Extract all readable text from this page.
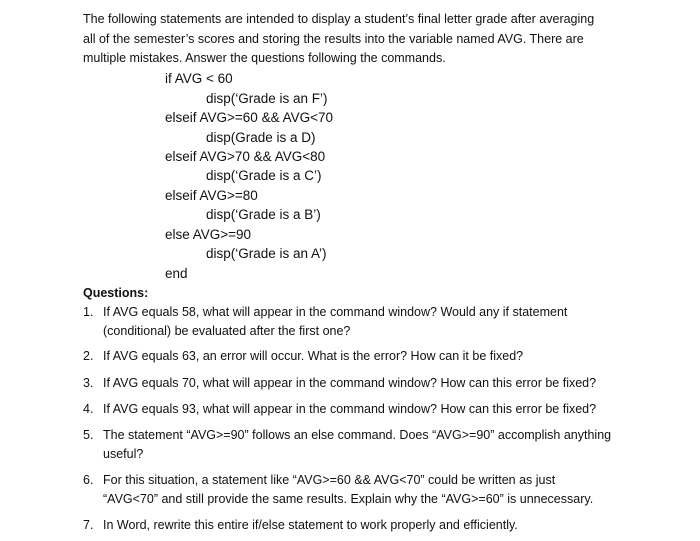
The following statements are intended to display a student’s final letter grade after averaging
all of the semester’s scores and storing the results into the variable named AVG. There are
multiple mistakes. Answer the questions following the commands.
if AVG < 60
disp(‘Grade is an F’)
elseif AVG>=60 && AVG<70
disp(Grade is a D)
elseif AVG>70 && AVG<80
disp(‘Grade is a C’)
elseif AVG>=80
disp(‘Grade is a B’)
else AVG>=90
disp(‘Grade is an A’)
end
Questions:
1. If AVG equals 58, what will appear in the command window? Would any if statement
(conditional) be evaluated after the first one?
2. If AVG equals 63, an error will occur. What is the error? How can it be fixed?
3. If AVG equals 70, what will appear in the command window? How can this error be fixed?
4. If AVG equals 93, what will appear in the command window? How can this error be fixed?
5. The statement “AVG>=90” follows an else command. Does “AVG>=90” accomplish anything
useful?
6. For this situation, a statement like “AVG>=60 && AVG<70” could be written as just
“AVG<70” and still provide the same results. Explain why the “AVG>=60” is unnecessary.
7. In Word, rewrite this entire if/else statement to work properly and efficiently.
